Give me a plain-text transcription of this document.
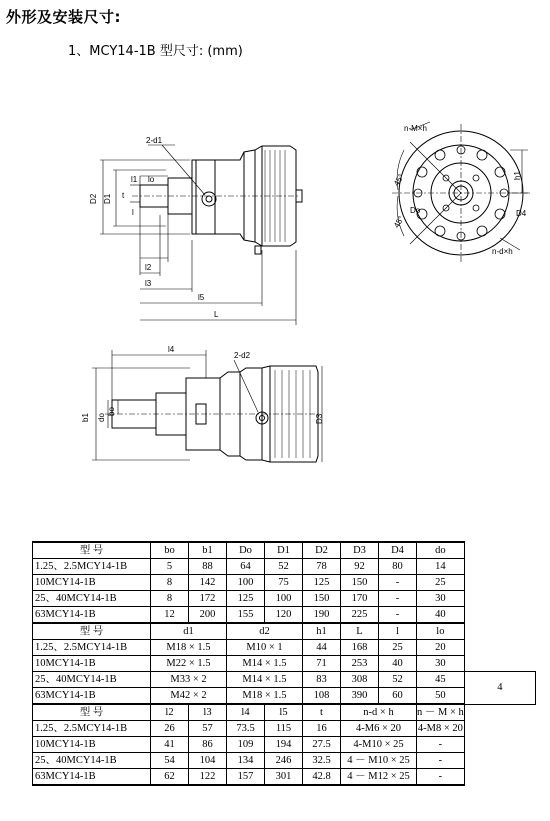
外形及安装尺寸:
1、MCY14-1B 型尺寸: (mm)
2-d1
D2 D1
l1 lo
t
l
l2
l3
l5
L
l4
2-d2
b1 do
bo
D3
n-M×h
45°
45°
h1
Do	D4
n-d×h
型 号	bo	b1	Do	D1	D2	D3	D4	do	
1.25、2.5MCY14-1B	5	88	64	52	78	92	80	14	
10MCY14-1B	8	142	100	75	125	150	-	25	
25、40MCY14-1B	8	172	125	100	150	170	-	30	
63MCY14-1B	12	200	155	120	190	225	-	40	
型 号	d1		d2		h1	L	l	lo	
1.25、2.5MCY14-1B	M18 × 1.5		M10 × 1		44	168	25	20	
10MCY14-1B	M22 × 1.5		M14 × 1.5		71	253	40	30	
25、40MCY14-1B	M33 × 2		M14 × 1.5		83	308	52	45	4
63MCY14-1B	M42 × 2		M18 × 1.5		108	390	60	50	
型 号	l2	l3	l4	l5	t	n-d × h		n － M × h	
1.25、2.5MCY14-1B	26	57	73.5	115	16	4-M6 × 20		4-M8 × 20	
10MCY14-1B	41	86	109	194	27.5	4-M10 × 25		-	
25、40MCY14-1B	54	104	134	246	32.5	4 － M10 × 25		-	
63MCY14-1B	62	122	157	301	42.8	4 － M12 × 25		-	
